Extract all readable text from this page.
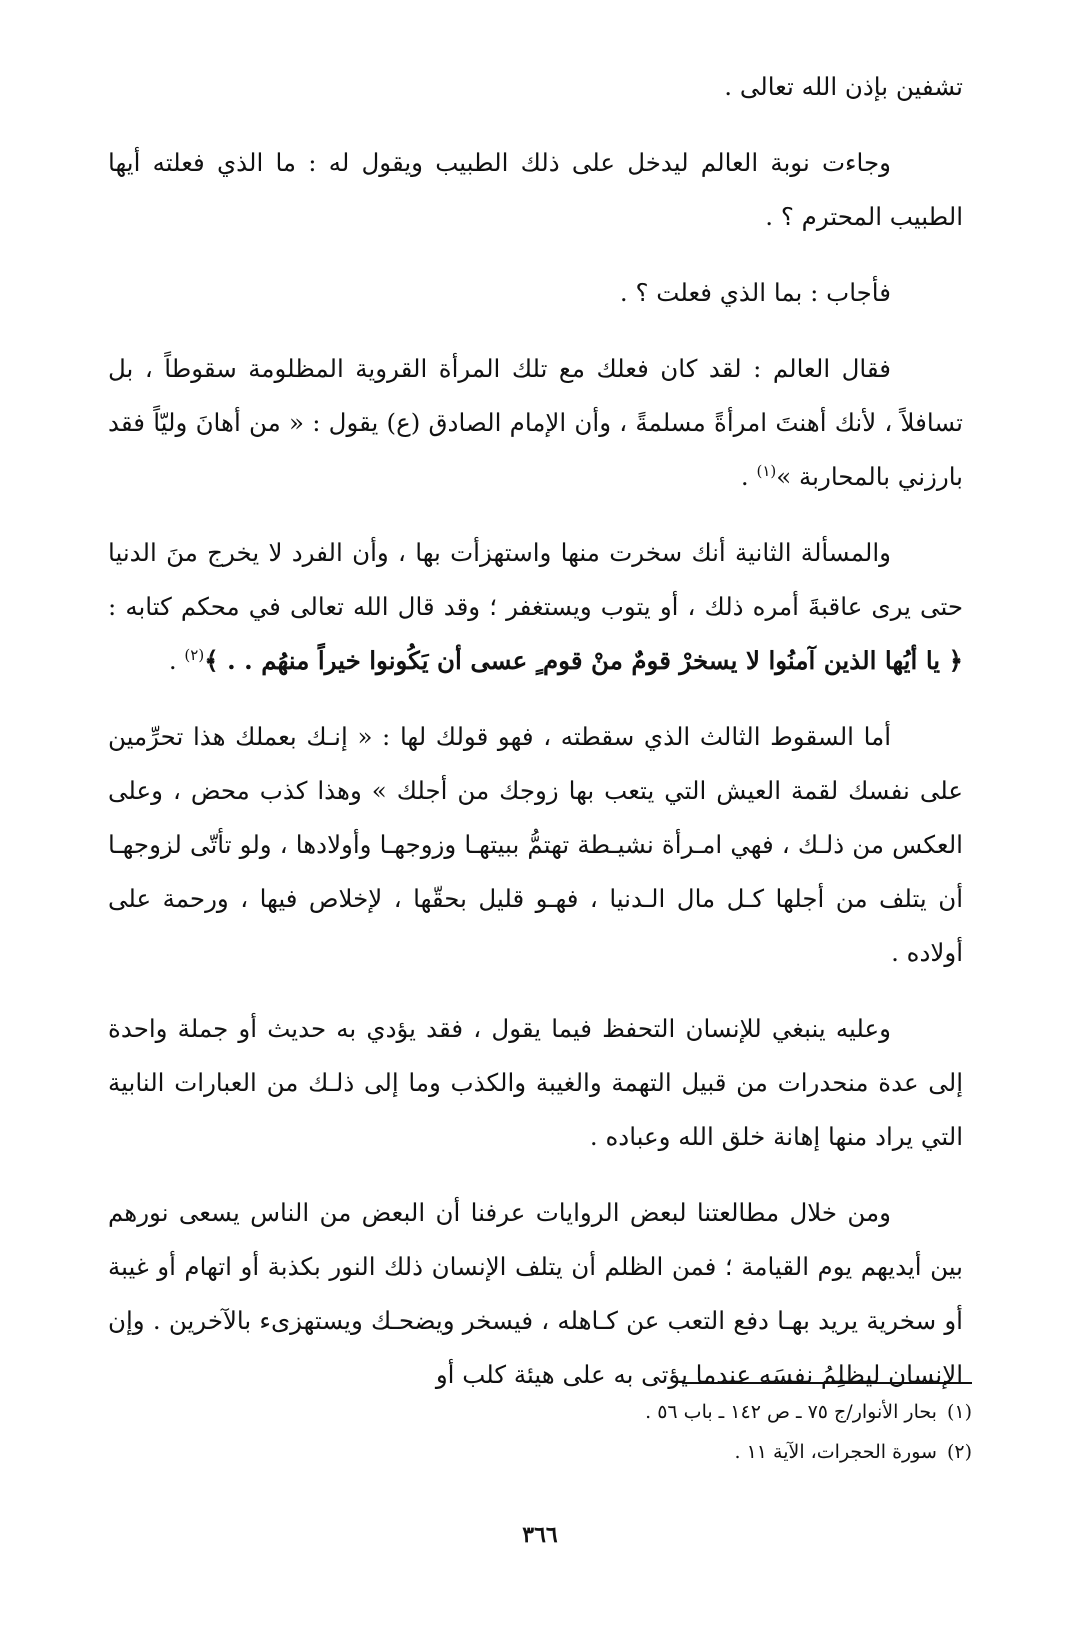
تشفين بإذن الله تعالى .

وجاءت نوبة العالم ليدخل على ذلك الطبيب ويقول له : ما الذي فعلته أيها الطبيب المحترم ؟ .

فأجاب : بما الذي فعلت ؟ .

فقال العالم : لقد كان فعلك مع تلك المرأة القروية المظلومة سقوطاً ، بل تسافلاً ، لأنك أهنتَ امرأةً مسلمةً ، وأن الإمام الصادق (ع) يقول : « من أهانَ وليّاً فقد بارزني بالمحاربة »$^{(١)}$ .

والمسألة الثانية أنك سخرت منها واستهزأت بها ، وأن الفرد لا يخرج منَ الدنيا حتى يرى عاقبةَ أمره ذلك ، أو يتوب ويستغفر ؛ وقد قال الله تعالى في محكم كتابه : ﴿ يا أيُها الذين آمنُوا لا يسخرْ قومٌ منْ قوم ٍ عسى أن يَكُونوا خيراً منهُم . . ﴾$^{(٢)}$ .

أما السقوط الثالث الذي سقطته ، فهو قولك لها : « إنـك بعملك هذا تحرِّمين على نفسك لقمة العيش التي يتعب بها زوجك من أجلك » وهذا كذب محض ، وعلى العكس من ذلـك ، فهي امـرأة نشيـطة تهتمُّ ببيتهـا وزوجهـا وأولادها ، ولو تأتّى لزوجهـا أن يتلف من أجلها كـل مال الـدنيا ، فهـو قليل بحقّها ، لإخلاص فيها ، ورحمة على أولاده .

وعليه ينبغي للإنسان التحفظ فيما يقول ، فقد يؤدي به حديث أو جملة واحدة إلى عدة منحدرات من قبيل التهمة والغيبة والكذب وما إلى ذلـك من العبارات النابية التي يراد منها إهانة خلق الله وعباده .

ومن خلال مطالعتنا لبعض الروايات عرفنا أن البعض من الناس يسعى نورهم بين أيديهم يوم القيامة ؛ فمن الظلم أن يتلف الإنسان ذلك النور بكذبة أو اتهام أو غيبة أو سخرية يريد بهـا دفع التعب عن كـاهله ، فيسخر ويضحـك ويستهزىء بالآخرين . وإن الإنسان ليظلِمُ نفسَه عندما يؤتى به على هيئة كلب أو

(١)بحار الأنوار/ج ٧٥ ـ ص ١٤٢ ـ باب ٥٦ .
(٢)سورة الحجرات، الآية ١١ .
٣٦٦
